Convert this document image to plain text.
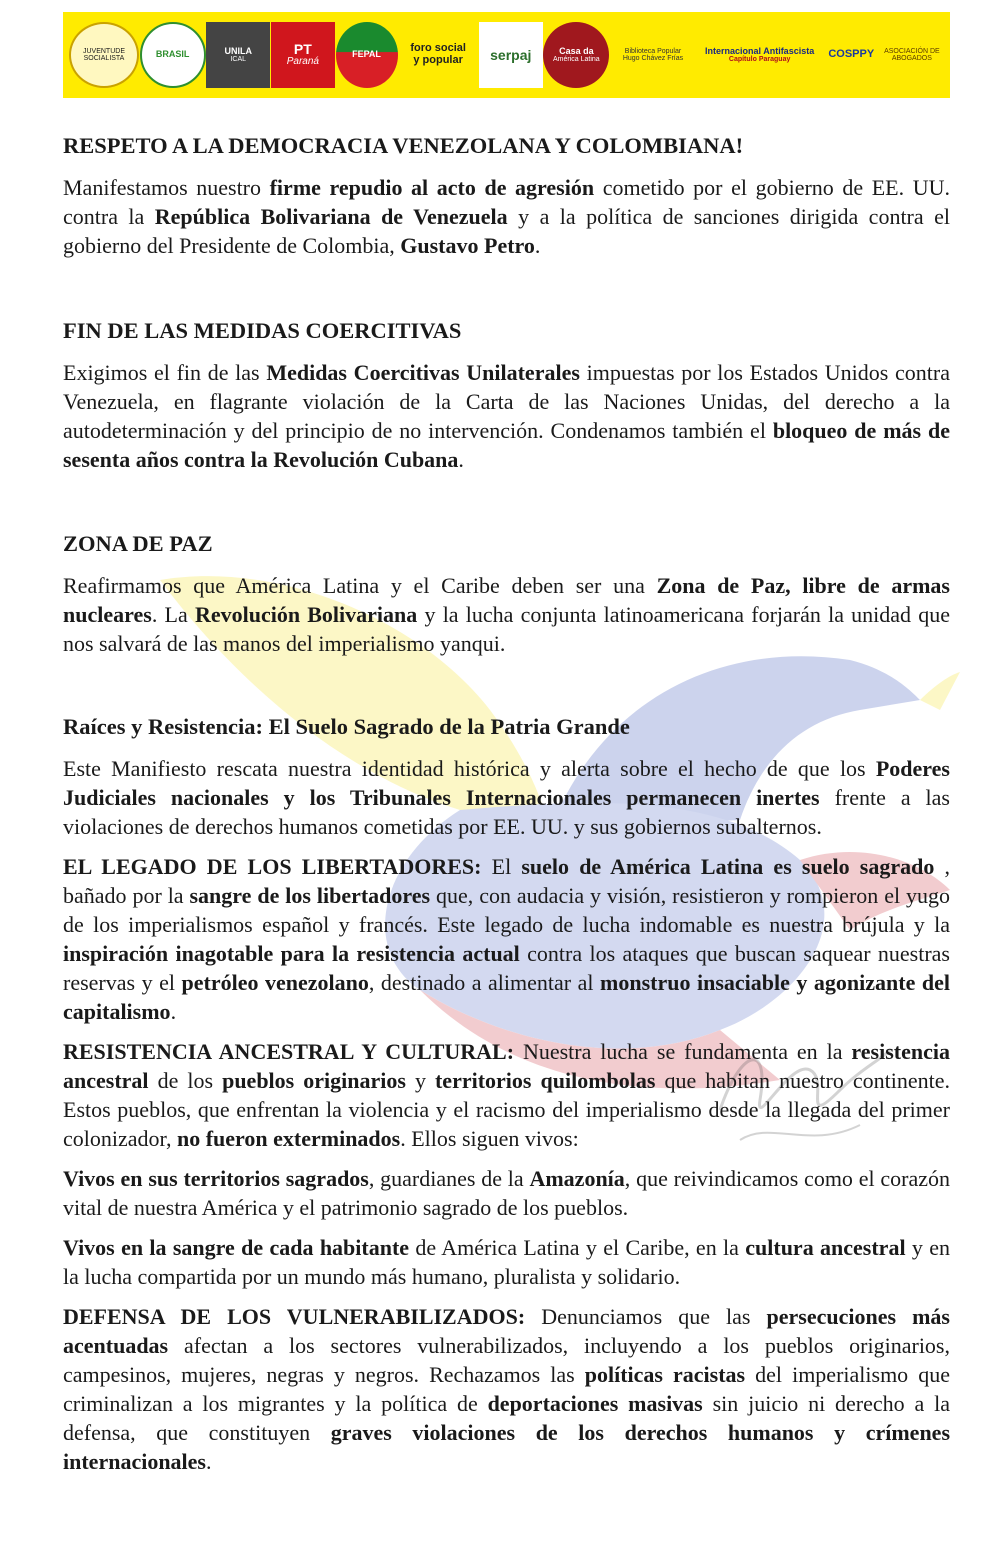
JUVENTUDE
SOCIALISTA	BRASIL	UNILA
ICAL
PT
Paraná
FEPAL	foro social
y popular serpaj	Casa da
América Latina
Biblioteca Popular
Hugo Chávez Frías
Internacional Antifascista
Capítulo Paraguay	COSPPY ASOCIACIÓN DE
ABOGADOS
RESPETO A LA DEMOCRACIA VENEZOLANA Y COLOMBIANA!

Manifestamos nuestro firme repudio al acto de agresión cometido por el gobierno de EE. UU. contra la República Bolivariana de Venezuela y a la política de sanciones dirigida contra el gobierno del Presidente de Colombia, Gustavo Petro.

FIN DE LAS MEDIDAS COERCITIVAS

Exigimos el fin de las Medidas Coercitivas Unilaterales impuestas por los Estados Unidos contra Venezuela, en flagrante violación de la Carta de las Naciones Unidas, del derecho a la autodeterminación y del principio de no intervención. Condenamos también el bloqueo de más de sesenta años contra la Revolución Cubana.

ZONA DE PAZ

Reafirmamos que América Latina y el Caribe deben ser una Zona de Paz, libre de armas nucleares. La Revolución Bolivariana y la lucha conjunta latinoamericana forjarán la unidad que nos salvará de las manos del imperialismo yanqui.

Raíces y Resistencia: El Suelo Sagrado de la Patria Grande

Este Manifiesto rescata nuestra identidad histórica y alerta sobre el hecho de que los Poderes Judiciales nacionales y los Tribunales Internacionales permanecen inertes frente a las violaciones de derechos humanos cometidas por EE. UU. y sus gobiernos subalternos.

EL LEGADO DE LOS LIBERTADORES: El suelo de América Latina es suelo sagrado , bañado por la sangre de los libertadores que, con audacia y visión, resistieron y rompieron el yugo de los imperialismos español y francés. Este legado de lucha indomable es nuestra brújula y la inspiración inagotable para la resistencia actual contra los ataques que buscan saquear nuestras reservas y el petróleo venezolano, destinado a alimentar al monstruo insaciable y agonizante del capitalismo.

RESISTENCIA ANCESTRAL Y CULTURAL: Nuestra lucha se fundamenta en la resistencia ancestral de los pueblos originarios y territorios quilombolas que habitan nuestro continente. Estos pueblos, que enfrentan la violencia y el racismo del imperialismo desde la llegada del primer colonizador, no fueron exterminados. Ellos siguen vivos:

Vivos en sus territorios sagrados, guardianes de la Amazonía, que reivindicamos como el corazón vital de nuestra América y el patrimonio sagrado de los pueblos.

Vivos en la sangre de cada habitante de América Latina y el Caribe, en la cultura ancestral y en la lucha compartida por un mundo más humano, pluralista y solidario.

DEFENSA DE LOS VULNERABILIZADOS: Denunciamos que las persecuciones más acentuadas afectan a los sectores vulnerabilizados, incluyendo a los pueblos originarios, campesinos, mujeres, negras y negros. Rechazamos las políticas racistas del imperialismo que criminalizan a los migrantes y la política de deportaciones masivas sin juicio ni derecho a la defensa, que constituyen graves violaciones de los derechos humanos y crímenes internacionales.
